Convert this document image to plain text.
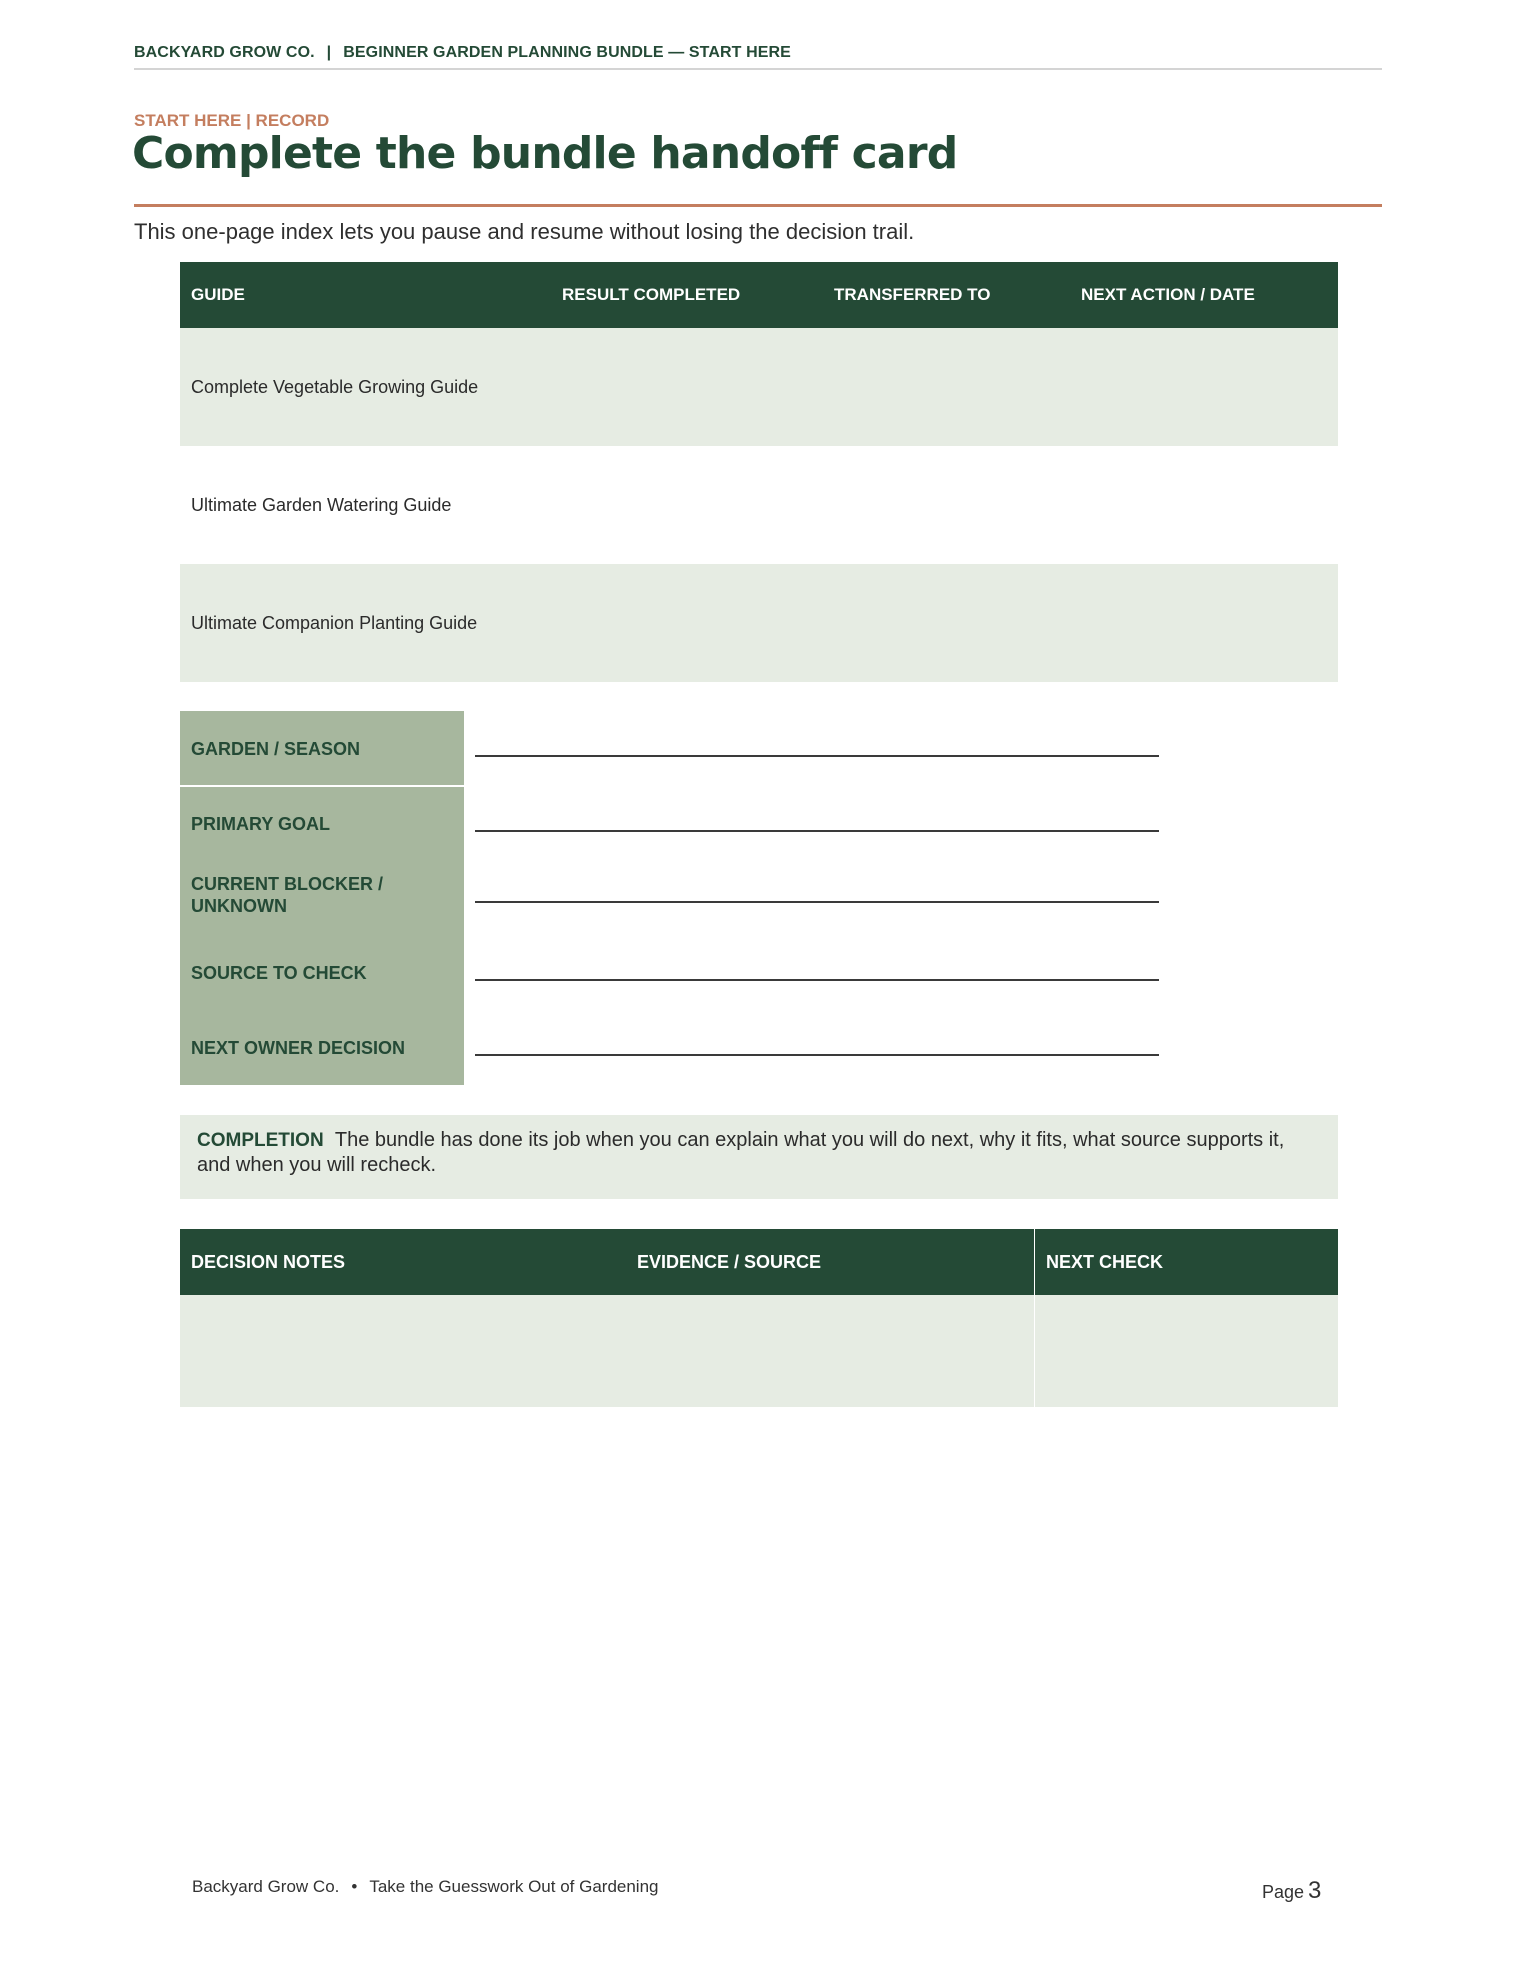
BACKYARD GROW CO. | BEGINNER GARDEN PLANNING BUNDLE — START HERE
START HERE | RECORD
Complete the bundle handoff card

This one-page index lets you pause and resume without losing the decision trail.

GUIDE	RESULT COMPLETED	TRANSFERRED TO	NEXT ACTION / DATE
Complete Vegetable Growing Guide
Ultimate Garden Watering Guide
Ultimate Companion Planting Guide
GARDEN / SEASON
PRIMARY GOAL
CURRENT BLOCKER / UNKNOWN
SOURCE TO CHECK
NEXT OWNER DECISION
COMPLETION The bundle has done its job when you can explain what you will do next, why it fits, what source supports it, and when you will recheck.
DECISION NOTES	EVIDENCE / SOURCE	NEXT CHECK
Backyard Grow Co. • Take the Guesswork Out of Gardening	Page 3
